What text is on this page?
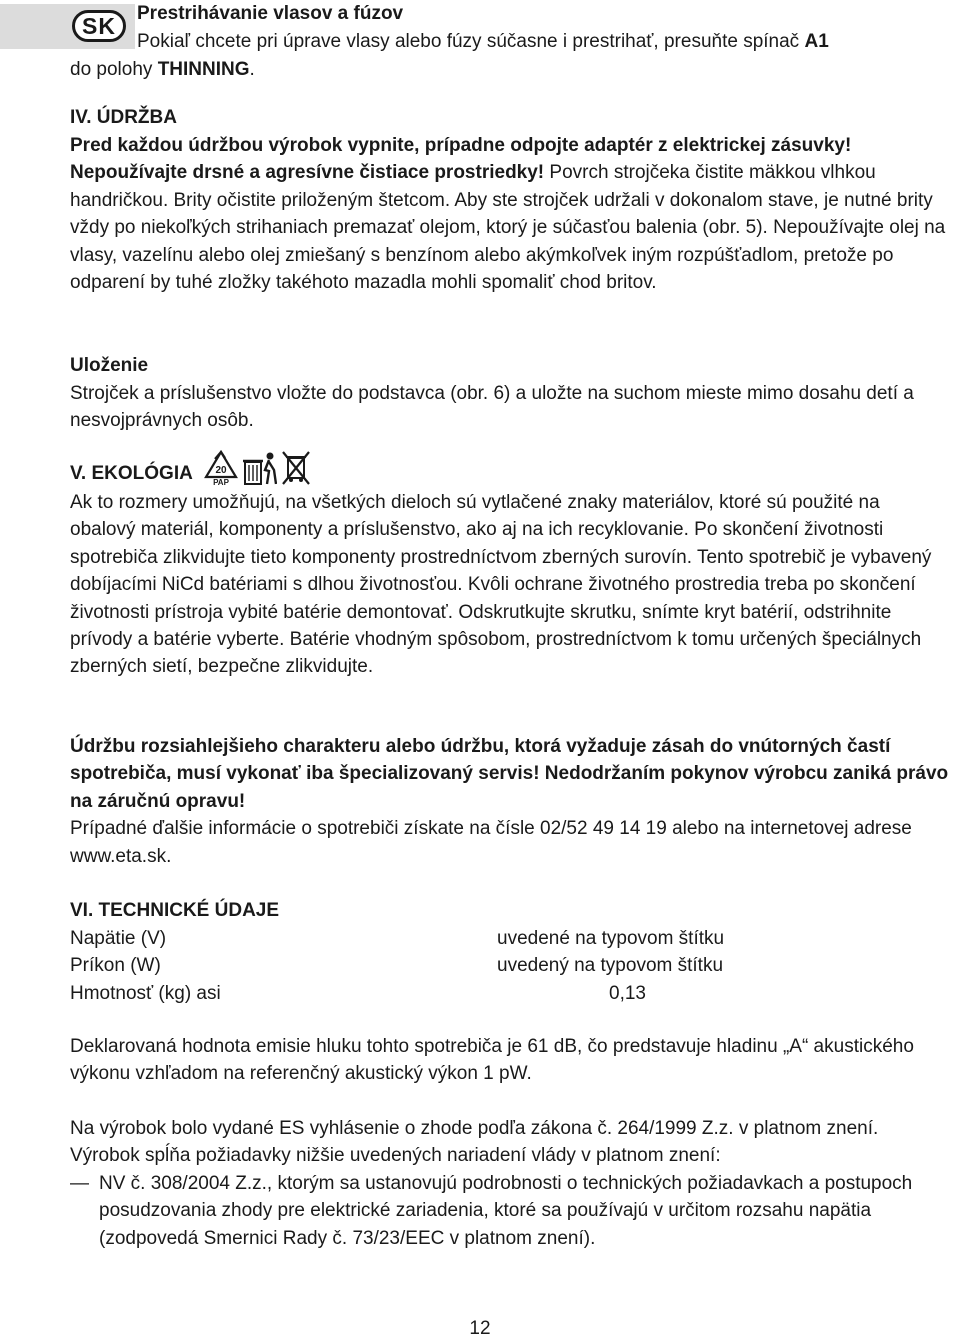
SK	Prestrihávanie vlasov a fúzov
Pokiaľ chcete pri úprave vlasy alebo fúzy súčasne i prestrihať, presuňte spínač A1
do polohy THINNING.
IV. ÚDRŽBA
Pred každou údržbou výrobok vypnite, prípadne odpojte adaptér z elektrickej zásuvky! Nepoužívajte drsné a agresívne čistiace prostriedky! Povrch strojčeka čistite mäkkou vlhkou handričkou. Brity očistite priloženým štetcom. Aby ste strojček udržali v dokonalom stave, je nutné brity vždy po niekoľkých strihaniach premazať olejom, ktorý je súčasťou balenia (obr. 5). Nepoužívajte olej na vlasy, vazelínu alebo olej zmiešaný s benzínom alebo akýmkoľvek iným rozpúšťadlom, pretože po odparení by tuhé zložky takéhoto mazadla mohli spomaliť chod britov.
Uloženie
Strojček a príslušenstvo vložte do podstavca (obr. 6) a uložte na suchom mieste mimo dosahu detí a nesvojprávnych osôb.
V. EKOLÓGIA 20
PAP
Ak to rozmery umožňujú, na všetkých dieloch sú vytlačené znaky materiálov, ktoré sú použité na obalový materiál, komponenty a príslušenstvo, ako aj na ich recyklovanie. Po skončení životnosti spotrebiča zlikvidujte tieto komponenty prostredníctvom zberných surovín. Tento spotrebič je vybavený dobíjacími NiCd batériami s dlhou životnosťou. Kvôli ochrane životného prostredia treba po skončení životnosti prístroja vybité batérie demontovať. Odskrutkujte skrutku, snímte kryt batérií, odstrihnite prívody a batérie vyberte. Batérie vhodným spôsobom, prostredníctvom k tomu určených špeciálnych zberných sietí, bezpečne zlikvidujte.
Údržbu rozsiahlejšieho charakteru alebo údržbu, ktorá vyžaduje zásah do vnútorných častí spotrebiča, musí vykonať iba špecializovaný servis! Nedodržaním pokynov výrobcu zaniká právo na záručnú opravu!
Prípadné ďalšie informácie o spotrebiči získate na čísle 02/52 49 14 19 alebo na internetovej adrese www.eta.sk.
VI. TECHNICKÉ ÚDAJE
Napätie (V)	uvedené na typovom štítku
Príkon (W)	uvedený na typovom štítku
Hmotnosť (kg) asi	0,13
Deklarovaná hodnota emisie hluku tohto spotrebiča je 61 dB, čo predstavuje hladinu „A“ akustického výkonu vzhľadom na referenčný akustický výkon 1 pW.
Na výrobok bolo vydané ES vyhlásenie o zhode podľa zákona č. 264/1999 Z.z. v platnom znení. Výrobok spĺňa požiadavky nižšie uvedených nariadení vlády v platnom znení:
— NV č. 308/2004 Z.z., ktorým sa ustanovujú podrobnosti o technických požiadavkach a postupoch posudzovania zhody pre elektrické zariadenia, ktoré sa používajú v určitom rozsahu napätia (zodpovedá Smernici Rady č. 73/23/EEC v platnom znení).
12
